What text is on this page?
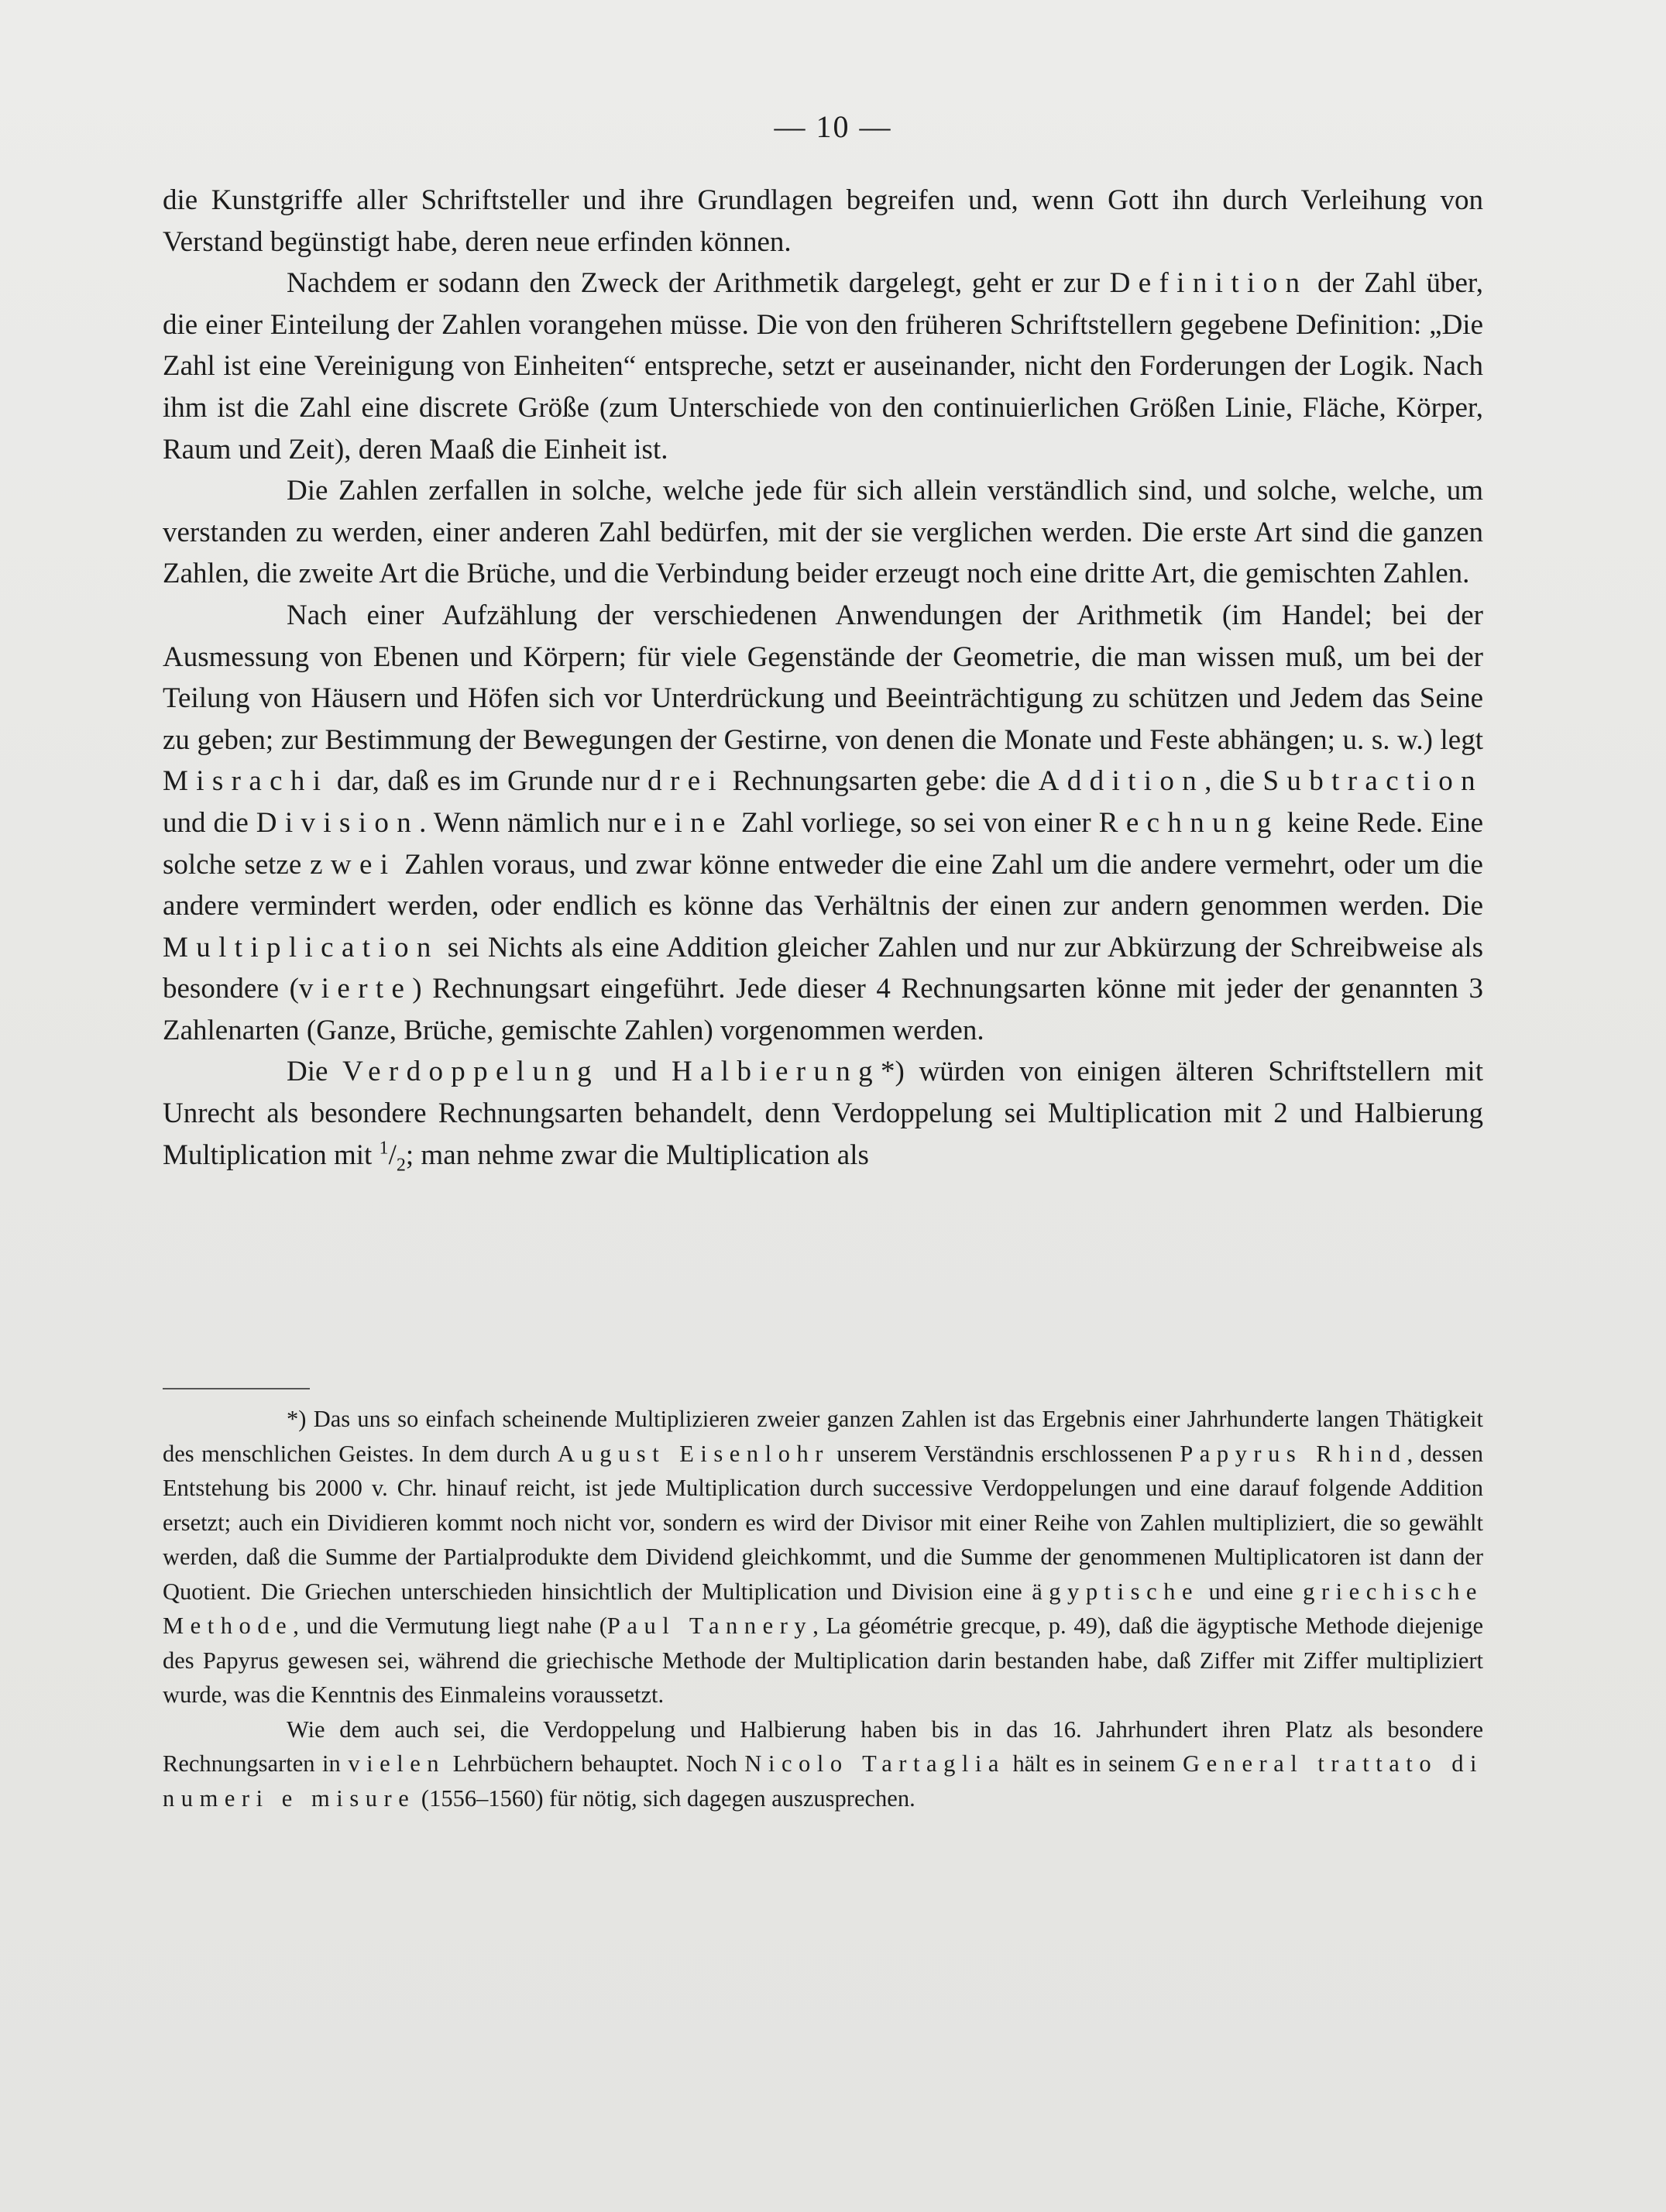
— 10 —

die Kunstgriffe aller Schriftsteller und ihre Grundlagen begreifen und, wenn Gott ihn durch Verleihung von Verstand begünstigt habe, deren neue erfinden können.

Nachdem er sodann den Zweck der Arithmetik dargelegt, geht er zur Definition der Zahl über, die einer Einteilung der Zahlen vorangehen müsse. Die von den früheren Schriftstellern gegebene Definition: „Die Zahl ist eine Vereinigung von Einheiten“ entspreche, setzt er auseinander, nicht den Forderungen der Logik. Nach ihm ist die Zahl eine discrete Größe (zum Unterschiede von den continuierlichen Größen Linie, Fläche, Körper, Raum und Zeit), deren Maaß die Einheit ist.

Die Zahlen zerfallen in solche, welche jede für sich allein verständlich sind, und solche, welche, um verstanden zu werden, einer anderen Zahl bedürfen, mit der sie verglichen werden. Die erste Art sind die ganzen Zahlen, die zweite Art die Brüche, und die Verbindung beider erzeugt noch eine dritte Art, die gemischten Zahlen.

Nach einer Aufzählung der verschiedenen Anwendungen der Arithmetik (im Handel; bei der Ausmessung von Ebenen und Körpern; für viele Gegenstände der Geometrie, die man wissen muß, um bei der Teilung von Häusern und Höfen sich vor Unterdrückung und Beeinträchtigung zu schützen und Jedem das Seine zu geben; zur Bestimmung der Bewegungen der Gestirne, von denen die Monate und Feste abhängen; u. s. w.) legt Misrachi dar, daß es im Grunde nur drei Rechnungsarten gebe: die Addition, die Subtraction und die Division. Wenn nämlich nur eine Zahl vorliege, so sei von einer Rechnung keine Rede. Eine solche setze zwei Zahlen voraus, und zwar könne entweder die eine Zahl um die andere vermehrt, oder um die andere vermindert werden, oder endlich es könne das Verhältnis der einen zur andern genommen werden. Die Multiplication sei Nichts als eine Addition gleicher Zahlen und nur zur Abkürzung der Schreibweise als besondere (vierte) Rechnungsart eingeführt. Jede dieser 4 Rechnungsarten könne mit jeder der genannten 3 Zahlenarten (Ganze, Brüche, gemischte Zahlen) vorgenommen werden.

Die Verdoppelung und Halbierung*) würden von einigen älteren Schriftstellern mit Unrecht als besondere Rechnungsarten behandelt, denn Verdoppelung sei Multiplication mit 2 und Halbierung Multiplication mit $^1/_2$; man nehme zwar die Multiplication als

*) Das uns so einfach scheinende Multiplizieren zweier ganzen Zahlen ist das Ergebnis einer Jahrhunderte langen Thätigkeit des menschlichen Geistes. In dem durch August Eisenlohr unserem Verständnis erschlossenen Papyrus Rhind, dessen Entstehung bis 2000 v. Chr. hinauf reicht, ist jede Multiplication durch successive Verdoppelungen und eine darauf folgende Addition ersetzt; auch ein Dividieren kommt noch nicht vor, sondern es wird der Divisor mit einer Reihe von Zahlen multipliziert, die so gewählt werden, daß die Summe der Partialprodukte dem Dividend gleichkommt, und die Summe der genommenen Multiplicatoren ist dann der Quotient. Die Griechen unterschieden hinsichtlich der Multiplication und Division eine ägyptische und eine griechische Methode, und die Vermutung liegt nahe (Paul Tannery, La géométrie grecque, p. 49), daß die ägyptische Methode diejenige des Papyrus gewesen sei, während die griechische Methode der Multiplication darin bestanden habe, daß Ziffer mit Ziffer multipliziert wurde, was die Kenntnis des Einmaleins voraussetzt.

Wie dem auch sei, die Verdoppelung und Halbierung haben bis in das 16. Jahrhundert ihren Platz als besondere Rechnungsarten in vielen Lehrbüchern behauptet. Noch Nicolo Tartaglia hält es in seinem General trattato di numeri e misure (1556–1560) für nötig, sich dagegen auszusprechen.
